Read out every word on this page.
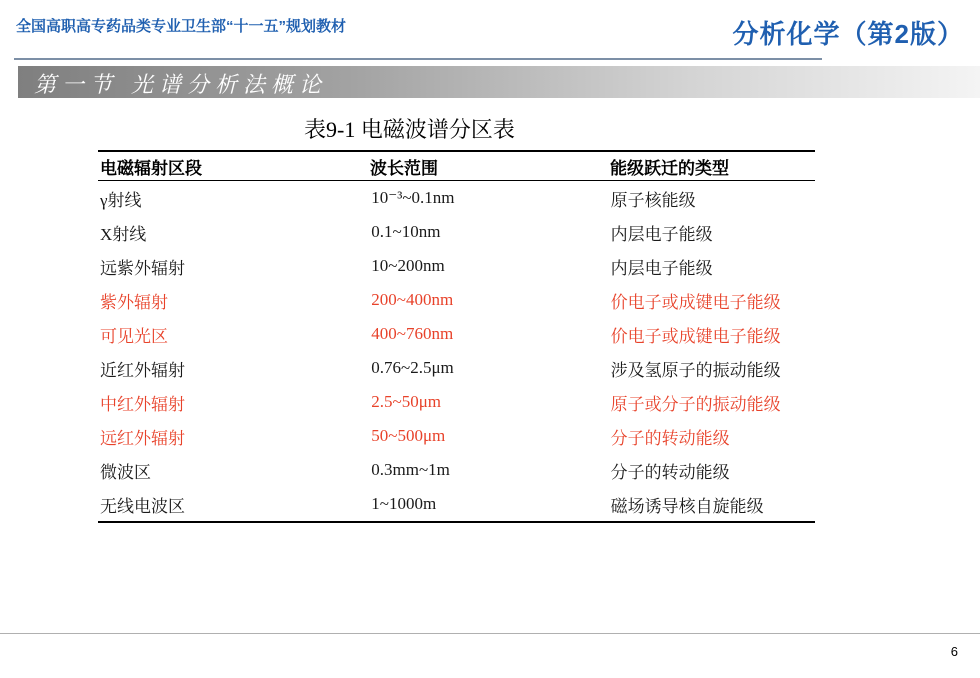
全国高职高专药品类专业卫生部“十一五”规划教材	分析化学（第2版）
第一节 光谱分析法概论
表9-1 电磁波谱分区表
电磁辐射区段	波长范围	能级跃迁的类型
γ射线	10⁻³~0.1nm	原子核能级
X射线	0.1~10nm	内层电子能级
远紫外辐射	10~200nm	内层电子能级
紫外辐射	200~400nm	价电子或成键电子能级
可见光区	400~760nm	价电子或成键电子能级
近红外辐射	0.76~2.5μm	涉及氢原子的振动能级
中红外辐射	2.5~50μm	原子或分子的振动能级
远红外辐射	50~500μm	分子的转动能级
微波区	0.3mm~1m	分子的转动能级
无线电波区	1~1000m	磁场诱导核自旋能级
6
